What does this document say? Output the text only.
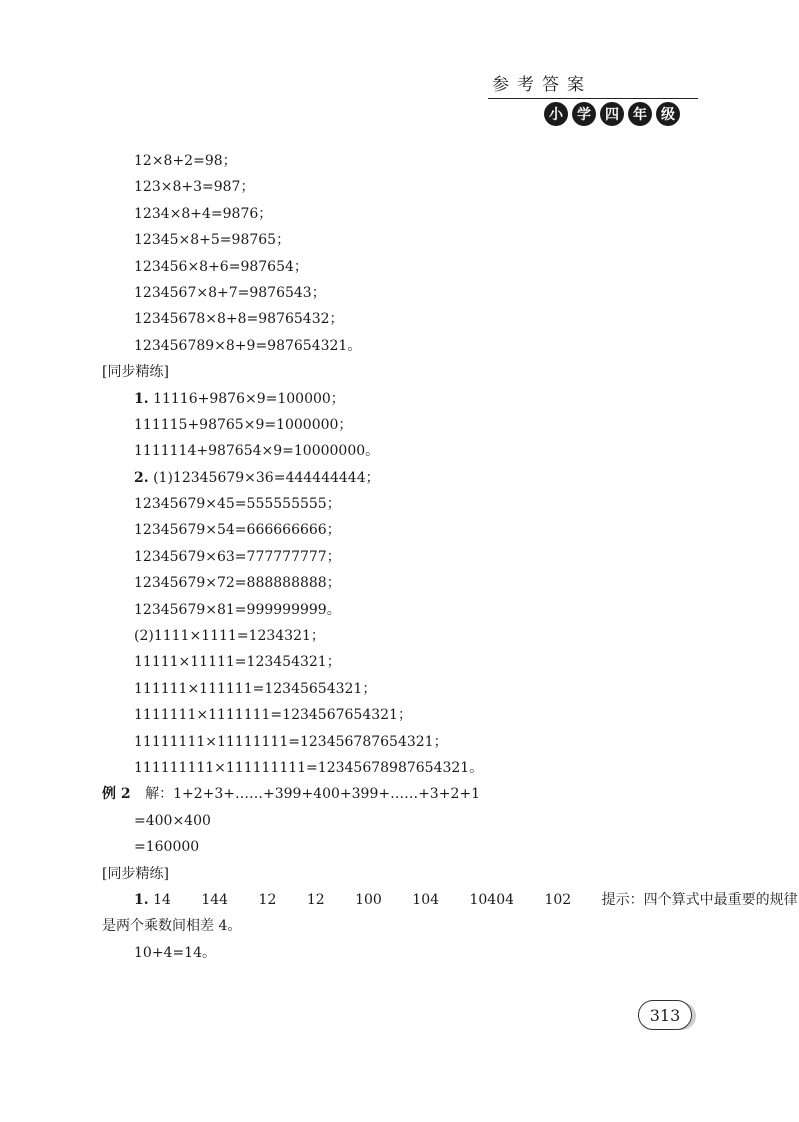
参考答案
小	学	四	年	级
12×8+2=98；
123×8+3=987；
1234×8+4=9876；
12345×8+5=98765；
123456×8+6=987654；
1234567×8+7=9876543；
12345678×8+8=98765432；
123456789×8+9=987654321。
[同步精练]
1. 11116+9876×9=100000；
111115+98765×9=1000000；
1111114+987654×9=10000000。
2. (1)12345679×36=444444444；
12345679×45=555555555；
12345679×54=666666666；
12345679×63=777777777；
12345679×72=888888888；
12345679×81=999999999。
(2)1111×1111=1234321；
11111×11111=123454321；
111111×111111=12345654321；
1111111×1111111=1234567654321；
11111111×11111111=123456787654321；
111111111×111111111=12345678987654321。
例 2 解：1+2+3+……+399+400+399+……+3+2+1
=400×400
=160000
[同步精练]
1. 14 144 12 12 100 104 10404 102 提示：四个算式中最重要的规律
是两个乘数间相差 4。
10+4=14。
313
